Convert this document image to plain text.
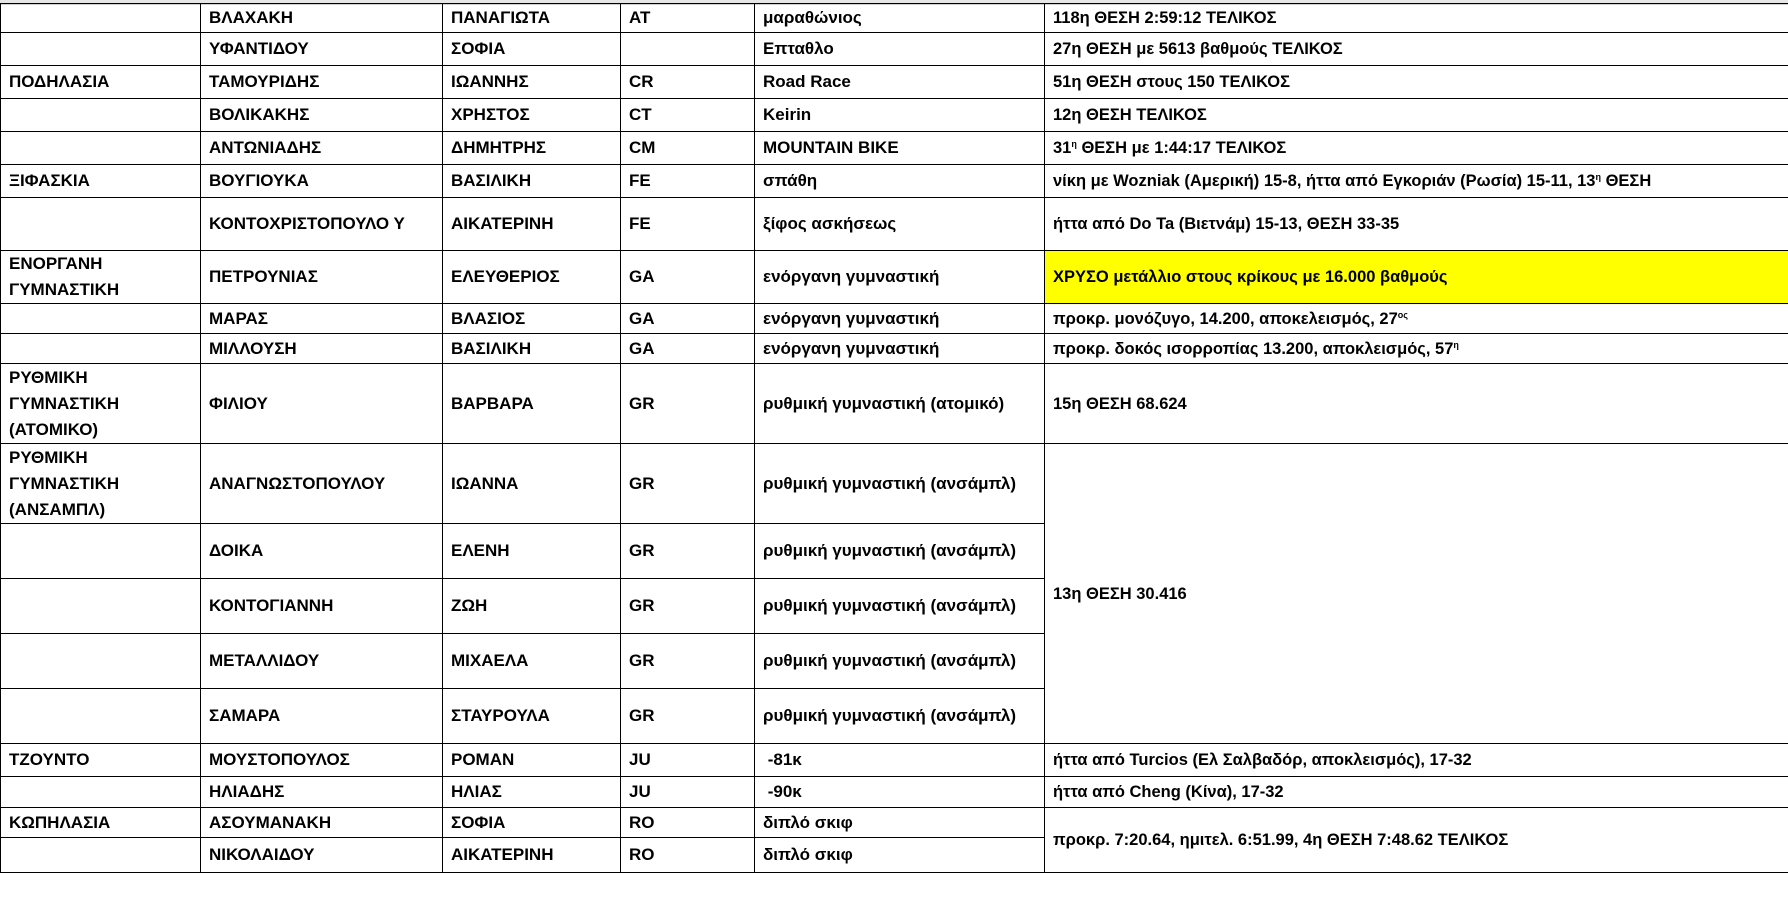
	ΒΛΑΧΑΚΗ	ΠΑΝΑΓΙΩΤΑ	AT	μαραθώνιος	118η ΘΕΣΗ 2:59:12 ΤΕΛΙΚΟΣ
	ΥΦΑΝΤΙΔΟΥ	ΣΟΦΙΑ		Επταθλο	27η ΘΕΣΗ με 5613 βαθμούς ΤΕΛΙΚΟΣ
ΠΟΔΗΛΑΣΙΑ	ΤΑΜΟΥΡΙΔΗΣ	ΙΩΑΝΝΗΣ	CR	Road Race	51η ΘΕΣΗ στους 150 ΤΕΛΙΚΟΣ
	ΒΟΛΙΚΑΚΗΣ	ΧΡΗΣΤΟΣ	CT	Keirin	12η ΘΕΣΗ ΤΕΛΙΚΟΣ
	ΑΝΤΩΝΙΑΔΗΣ	ΔΗΜΗΤΡΗΣ	CM	MOUNTAIN BIKE	$31^\eta$ ΘΕΣΗ με 1:44:17 ΤΕΛΙΚΟΣ
ΞΙΦΑΣΚΙΑ	ΒΟΥΓΙΟΥΚΑ	ΒΑΣΙΛΙΚΗ	FE	σπάθη	νίκη με Wozniak (Αμερική) 15-8, ήττα από Εγκοριάν (Ρωσία) 15-11, $13^\eta$ ΘΕΣΗ
	ΚΟΝΤΟΧΡΙΣΤΟΠΟΥΛΟ Υ	ΑΙΚΑΤΕΡΙΝΗ	FE	ξίφος ασκήσεως	ήττα από Do Ta (Βιετνάμ) 15-13, ΘΕΣΗ 33-35
ΕΝΟΡΓΑΝΗ ΓΥΜΝΑΣΤΙΚΗ	ΠΕΤΡΟΥΝΙΑΣ	ΕΛΕΥΘΕΡΙΟΣ	GA	ενόργανη γυμναστική	ΧΡΥΣΟ μετάλλιο στους κρίκους με 16.000 βαθμούς
	ΜΑΡΑΣ	ΒΛΑΣΙΟΣ	GA	ενόργανη γυμναστική	προκρ. μονόζυγο, 14.200, αποκελεισμός, $27^{o\varsigma}$
	ΜΙΛΛΟΥΣΗ	ΒΑΣΙΛΙΚΗ	GA	ενόργανη γυμναστική	προκρ. δοκός ισορροπίας 13.200, αποκλεισμός, $57^\eta$
ΡΥΘΜΙΚΗ ΓΥΜΝΑΣΤΙΚΗ (ΑΤΟΜΙΚΟ)	ΦΙΛΙΟΥ	ΒΑΡΒΑΡΑ	GR	ρυθμική γυμναστική (ατομικό)	15η ΘΕΣΗ 68.624
ΡΥΘΜΙΚΗ ΓΥΜΝΑΣΤΙΚΗ (ΑΝΣΑΜΠΛ)	ΑΝΑΓΝΩΣΤΟΠΟΥΛΟΥ	ΙΩΑΝΝΑ	GR	ρυθμική γυμναστική (ανσάμπλ)	13η ΘΕΣΗ 30.416
	ΔΟΙΚΑ	ΕΛΕΝΗ	GR	ρυθμική γυμναστική (ανσάμπλ)	
	ΚΟΝΤΟΓΙΑΝΝΗ	ΖΩΗ	GR	ρυθμική γυμναστική (ανσάμπλ)	
	ΜΕΤΑΛΛΙΔΟΥ	ΜΙΧΑΕΛΑ	GR	ρυθμική γυμναστική (ανσάμπλ)	
	ΣΑΜΑΡΑ	ΣΤΑΥΡΟΥΛΑ	GR	ρυθμική γυμναστική (ανσάμπλ)	
ΤΖΟΥΝΤΟ	ΜΟΥΣΤΟΠΟΥΛΟΣ	ΡΟΜΑΝ	JU	-81κ	ήττα από Turcios (Ελ Σαλβαδόρ, αποκλεισμός), 17-32
	ΗΛΙΑΔΗΣ	ΗΛΙΑΣ	JU	-90κ	ήττα από Cheng (Κίνα), 17-32
ΚΩΠΗΛΑΣΙΑ	ΑΣΟΥΜΑΝΑΚΗ	ΣΟΦΙΑ	RO	διπλό σκιφ	προκρ. 7:20.64, ημιτελ. 6:51.99, 4η ΘΕΣΗ 7:48.62 ΤΕΛΙΚΟΣ
	ΝΙΚΟΛΑΙΔΟΥ	ΑΙΚΑΤΕΡΙΝΗ	RO	διπλό σκιφ	
